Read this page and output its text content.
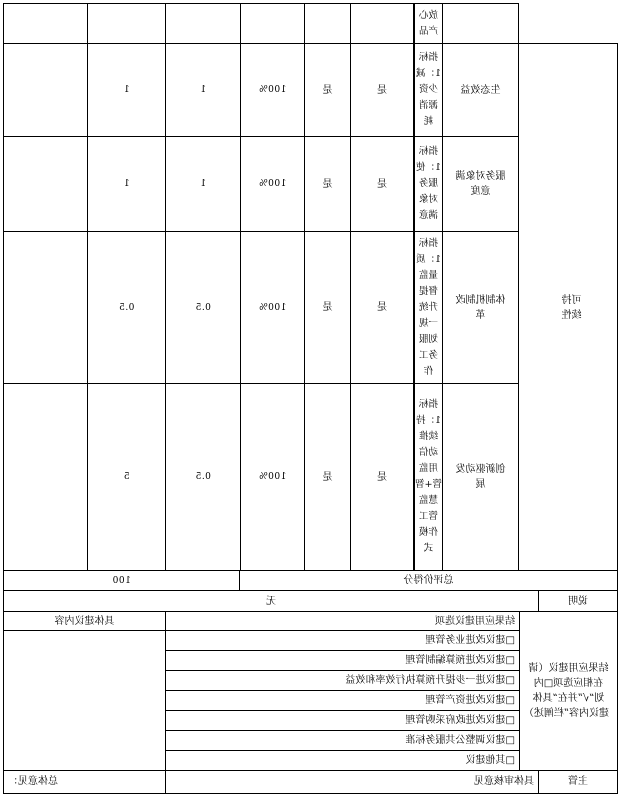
放心产品
生态效益
指标1：减少资源消耗
是
是
100%
1
1
服务对象满意度
指标1：使服务对象满意
是
是
100%
1
1
可持续性
体制机制改革
指标1：质量监督提升统一规划服务工作
是
是
100%
0.5
0.5
创新驱动发展
指标1：持续推动信用监管+智慧监管工作模式
是
是
100%
0.5
5
总评价得分
100
说明
无
结果应用建议（请在相应选项□内划“√”并在“具体建议内容”栏阐述）
结果应用建议选项
具体建议内容
□建议改进业务管理
□建议改进预算编制管理
□建议进一步提升预算执行效率和效益
□建议改进资产管理
□建议改进政府采购管理
□建议调整公共服务标准
□其他建议
主管
具体审核意见
总体意见：
